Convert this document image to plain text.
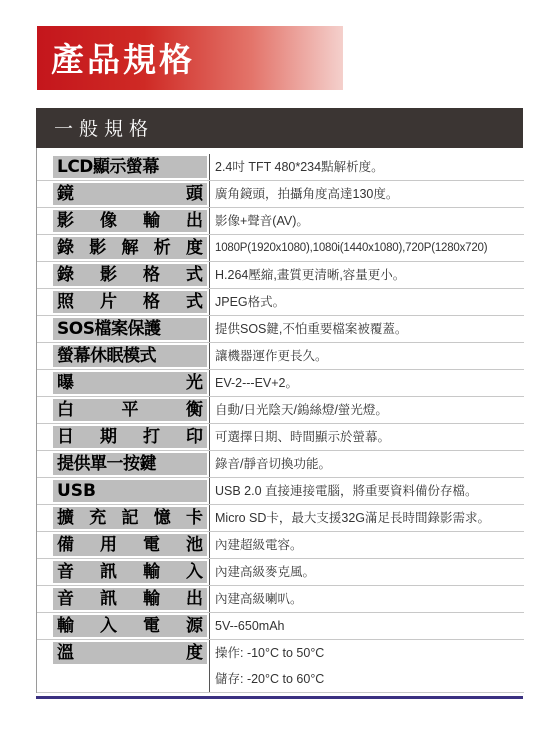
產品規格
一般規格
LCD顯示螢幕	2.4吋 TFT 480*234點解析度。
鏡頭 廣角鏡頭，拍攝角度高達130度。
影像輸出 影像+聲音(AV)。
錄影解析度	1080P(1920x1080),1080i(1440x1080),720P(1280x720)
錄影格式 H.264壓縮,畫質更清晰,容量更小。
照片格式 JPEG格式。
SOS檔案保護	提供SOS鍵,不怕重要檔案被覆蓋。
螢幕休眠模式	讓機器運作更長久。
曝光 EV-2---EV+2。
白平衡 自動/日光陰天/鎢絲燈/螢光燈。
日期打印 可選擇日期、時間顯示於螢幕。
提供單一按鍵	錄音/靜音切換功能。
USB	USB 2.0 直接連接電腦，將重要資料備份存檔。
擴充記憶卡 Micro SD卡，最大支援32G滿足長時間錄影需求。
備用電池 內建超級電容。
音訊輸入 內建高級麥克風。
音訊輸出 內建高級喇叭。
輸入電源 5V--650mAh
溫度 操作: -10°C to 50°C
儲存: -20°C to 60°C
